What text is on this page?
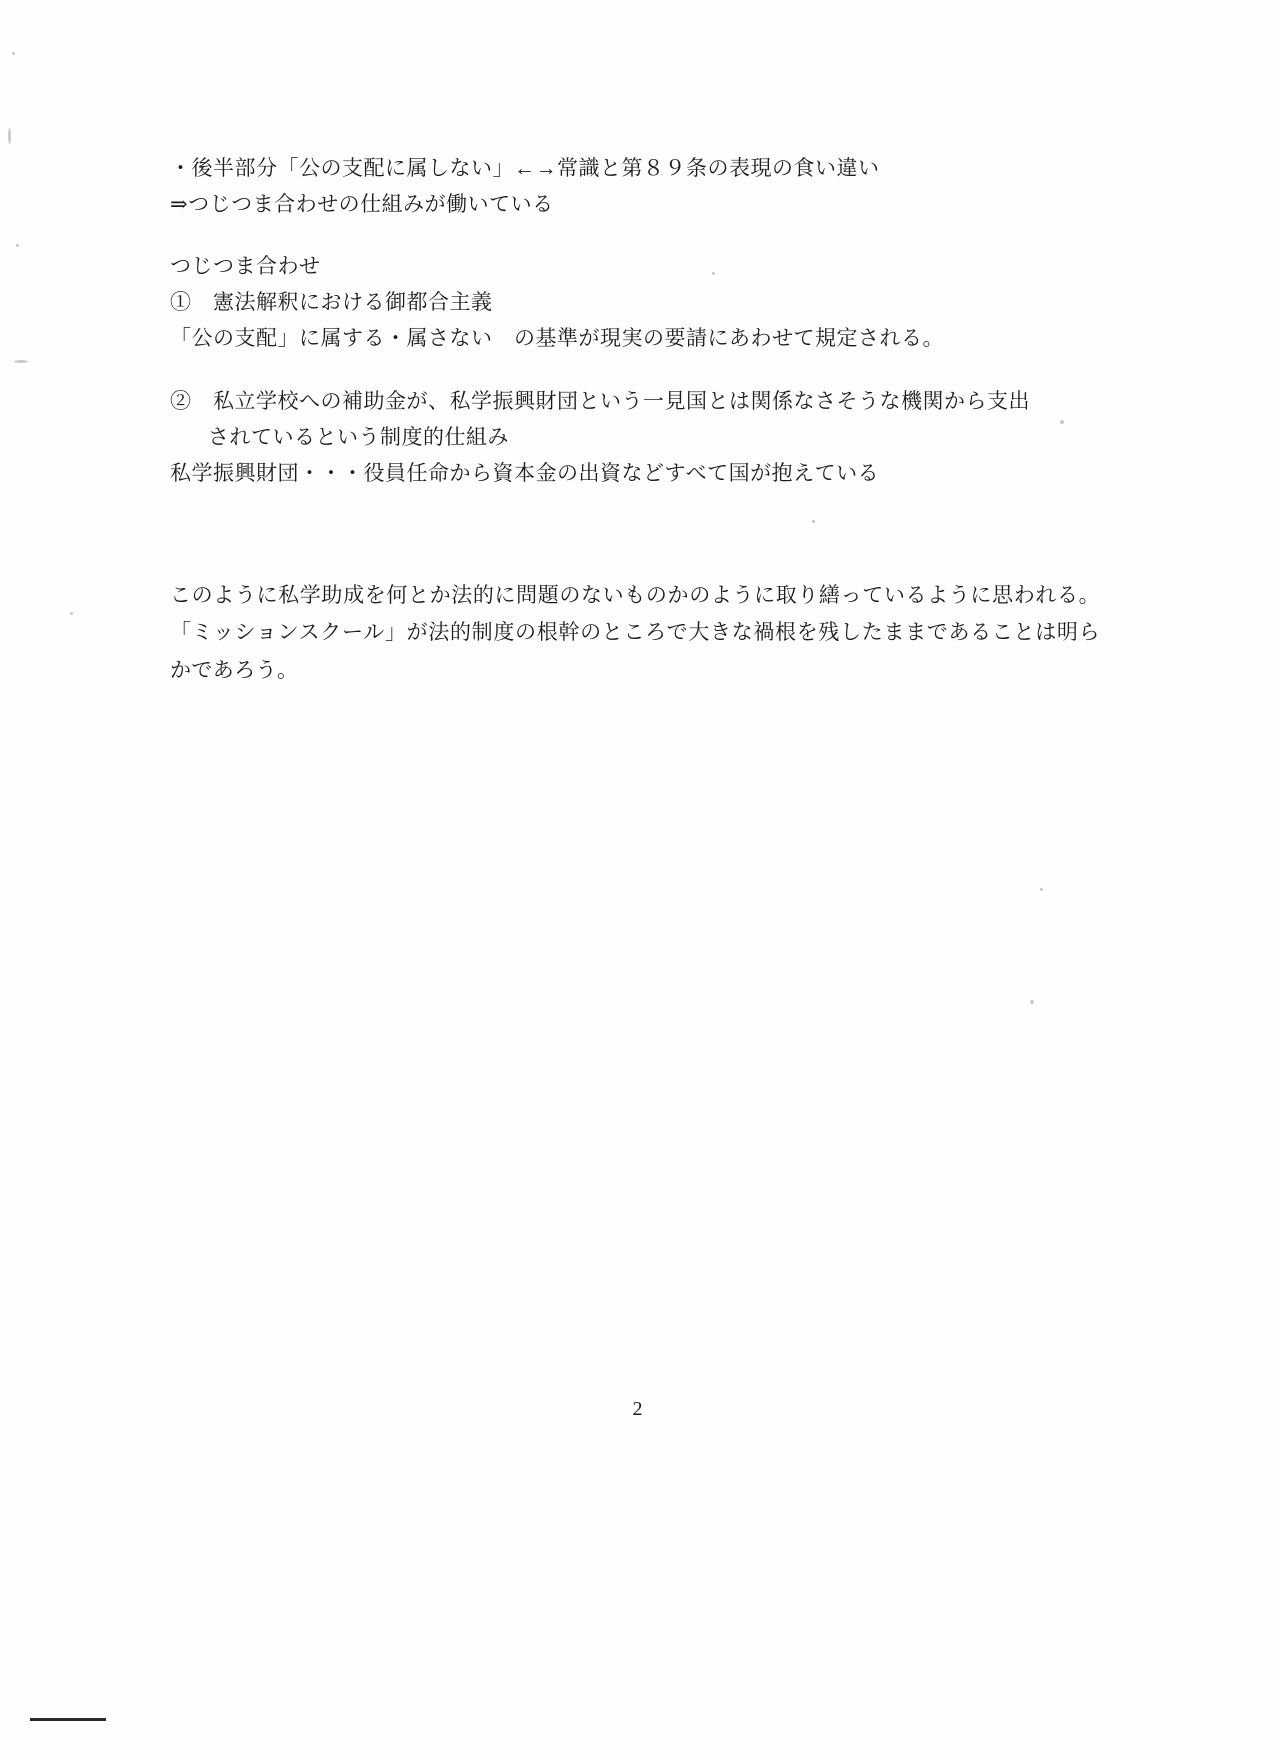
・後半部分「公の支配に属しない」←→常識と第８９条の表現の食い違い
⇒つじつま合わせの仕組みが働いている
つじつま合わせ
①　憲法解釈における御都合主義
「公の支配」に属する・属さない　の基準が現実の要請にあわせて規定される。
②　私立学校への補助金が、私学振興財団という一見国とは関係なさそうな機関から支出
されているという制度的仕組み
私学振興財団・・・役員任命から資本金の出資などすべて国が抱えている
このように私学助成を何とか法的に問題のないものかのように取り繕っているように思われる。「ミッションスクール」が法的制度の根幹のところで大きな禍根を残したままであることは明らかであろう。
2
